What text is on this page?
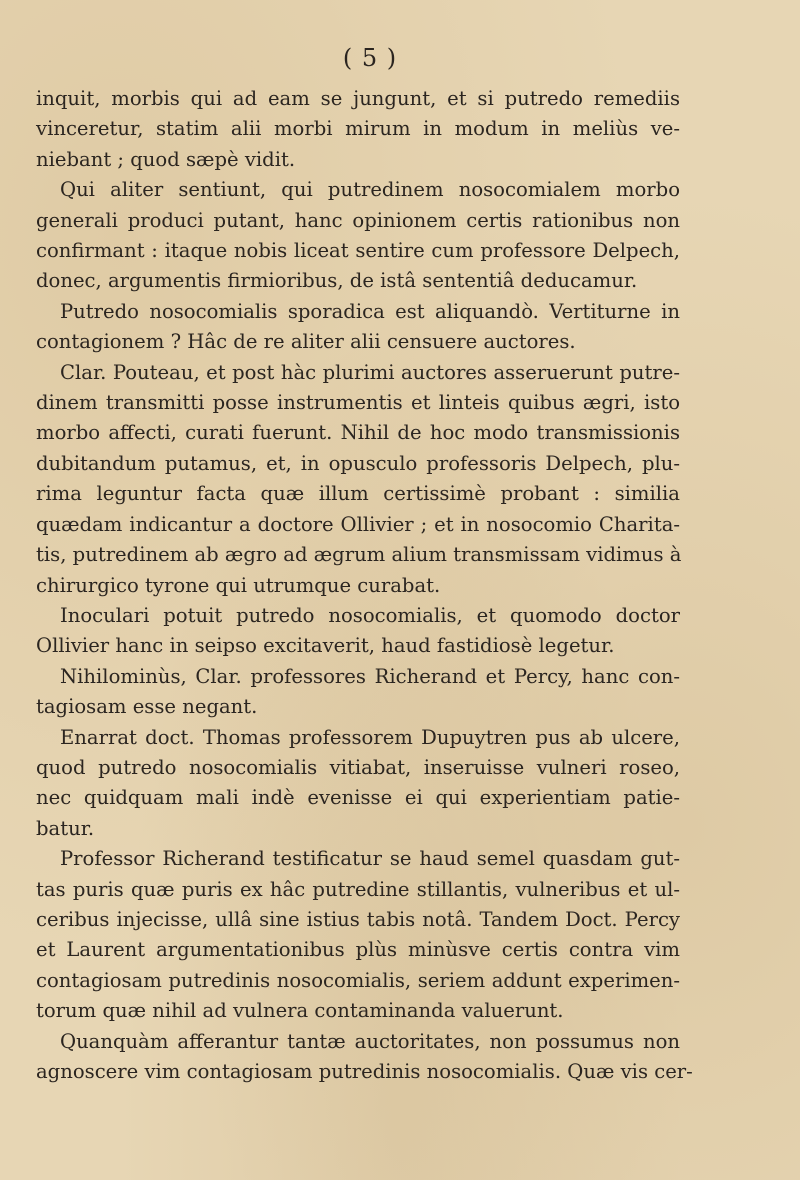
( 5 )

inquit, morbis qui ad eam se jungunt, et si putredo remediis
vinceretur, statim alii morbi mirum in modum in meliùs ve-
niebant ; quod sæpè vidit.

Qui aliter sentiunt, qui putredinem nosocomialem morbo
generali produci putant, hanc opinionem certis rationibus non
confirmant : itaque nobis liceat sentire cum professore Delpech,
donec, argumentis firmioribus, de istâ sententiâ deducamur.

Putredo nosocomialis sporadica est aliquandò. Vertiturne in
contagionem ? Hâc de re aliter alii censuere auctores.

Clar. Pouteau, et post hàc plurimi auctores asseruerunt putre-
dinem transmitti posse instrumentis et linteis quibus ægri, isto
morbo affecti, curati fuerunt. Nihil de hoc modo transmissionis
dubitandum putamus, et, in opusculo professoris Delpech, plu-
rima leguntur facta quæ illum certissimè probant : similia
quædam indicantur a doctore Ollivier ; et in nosocomio Charita-
tis, putredinem ab ægro ad ægrum alium transmissam vidimus à
chirurgico tyrone qui utrumque curabat.

Inoculari potuit putredo nosocomialis, et quomodo doctor
Ollivier hanc in seipso excitaverit, haud fastidiosè legetur.

Nihilominùs, Clar. professores Richerand et Percy, hanc con-
tagiosam esse negant.

Enarrat doct. Thomas professorem Dupuytren pus ab ulcere,
quod putredo nosocomialis vitiabat, inseruisse vulneri roseo,
nec quidquam mali indè evenisse ei qui experientiam patie-
batur.

Professor Richerand testificatur se haud semel quasdam gut-
tas puris quæ puris ex hâc putredine stillantis, vulneribus et ul-
ceribus injecisse, ullâ sine istius tabis notâ. Tandem Doct. Percy
et Laurent argumentationibus plùs minùsve certis contra vim
contagiosam putredinis nosocomialis, seriem addunt experimen-
torum quæ nihil ad vulnera contaminanda valuerunt.

Quanquàm afferantur tantæ auctoritates, non possumus non
agnoscere vim contagiosam putredinis nosocomialis. Quæ vis cer-
